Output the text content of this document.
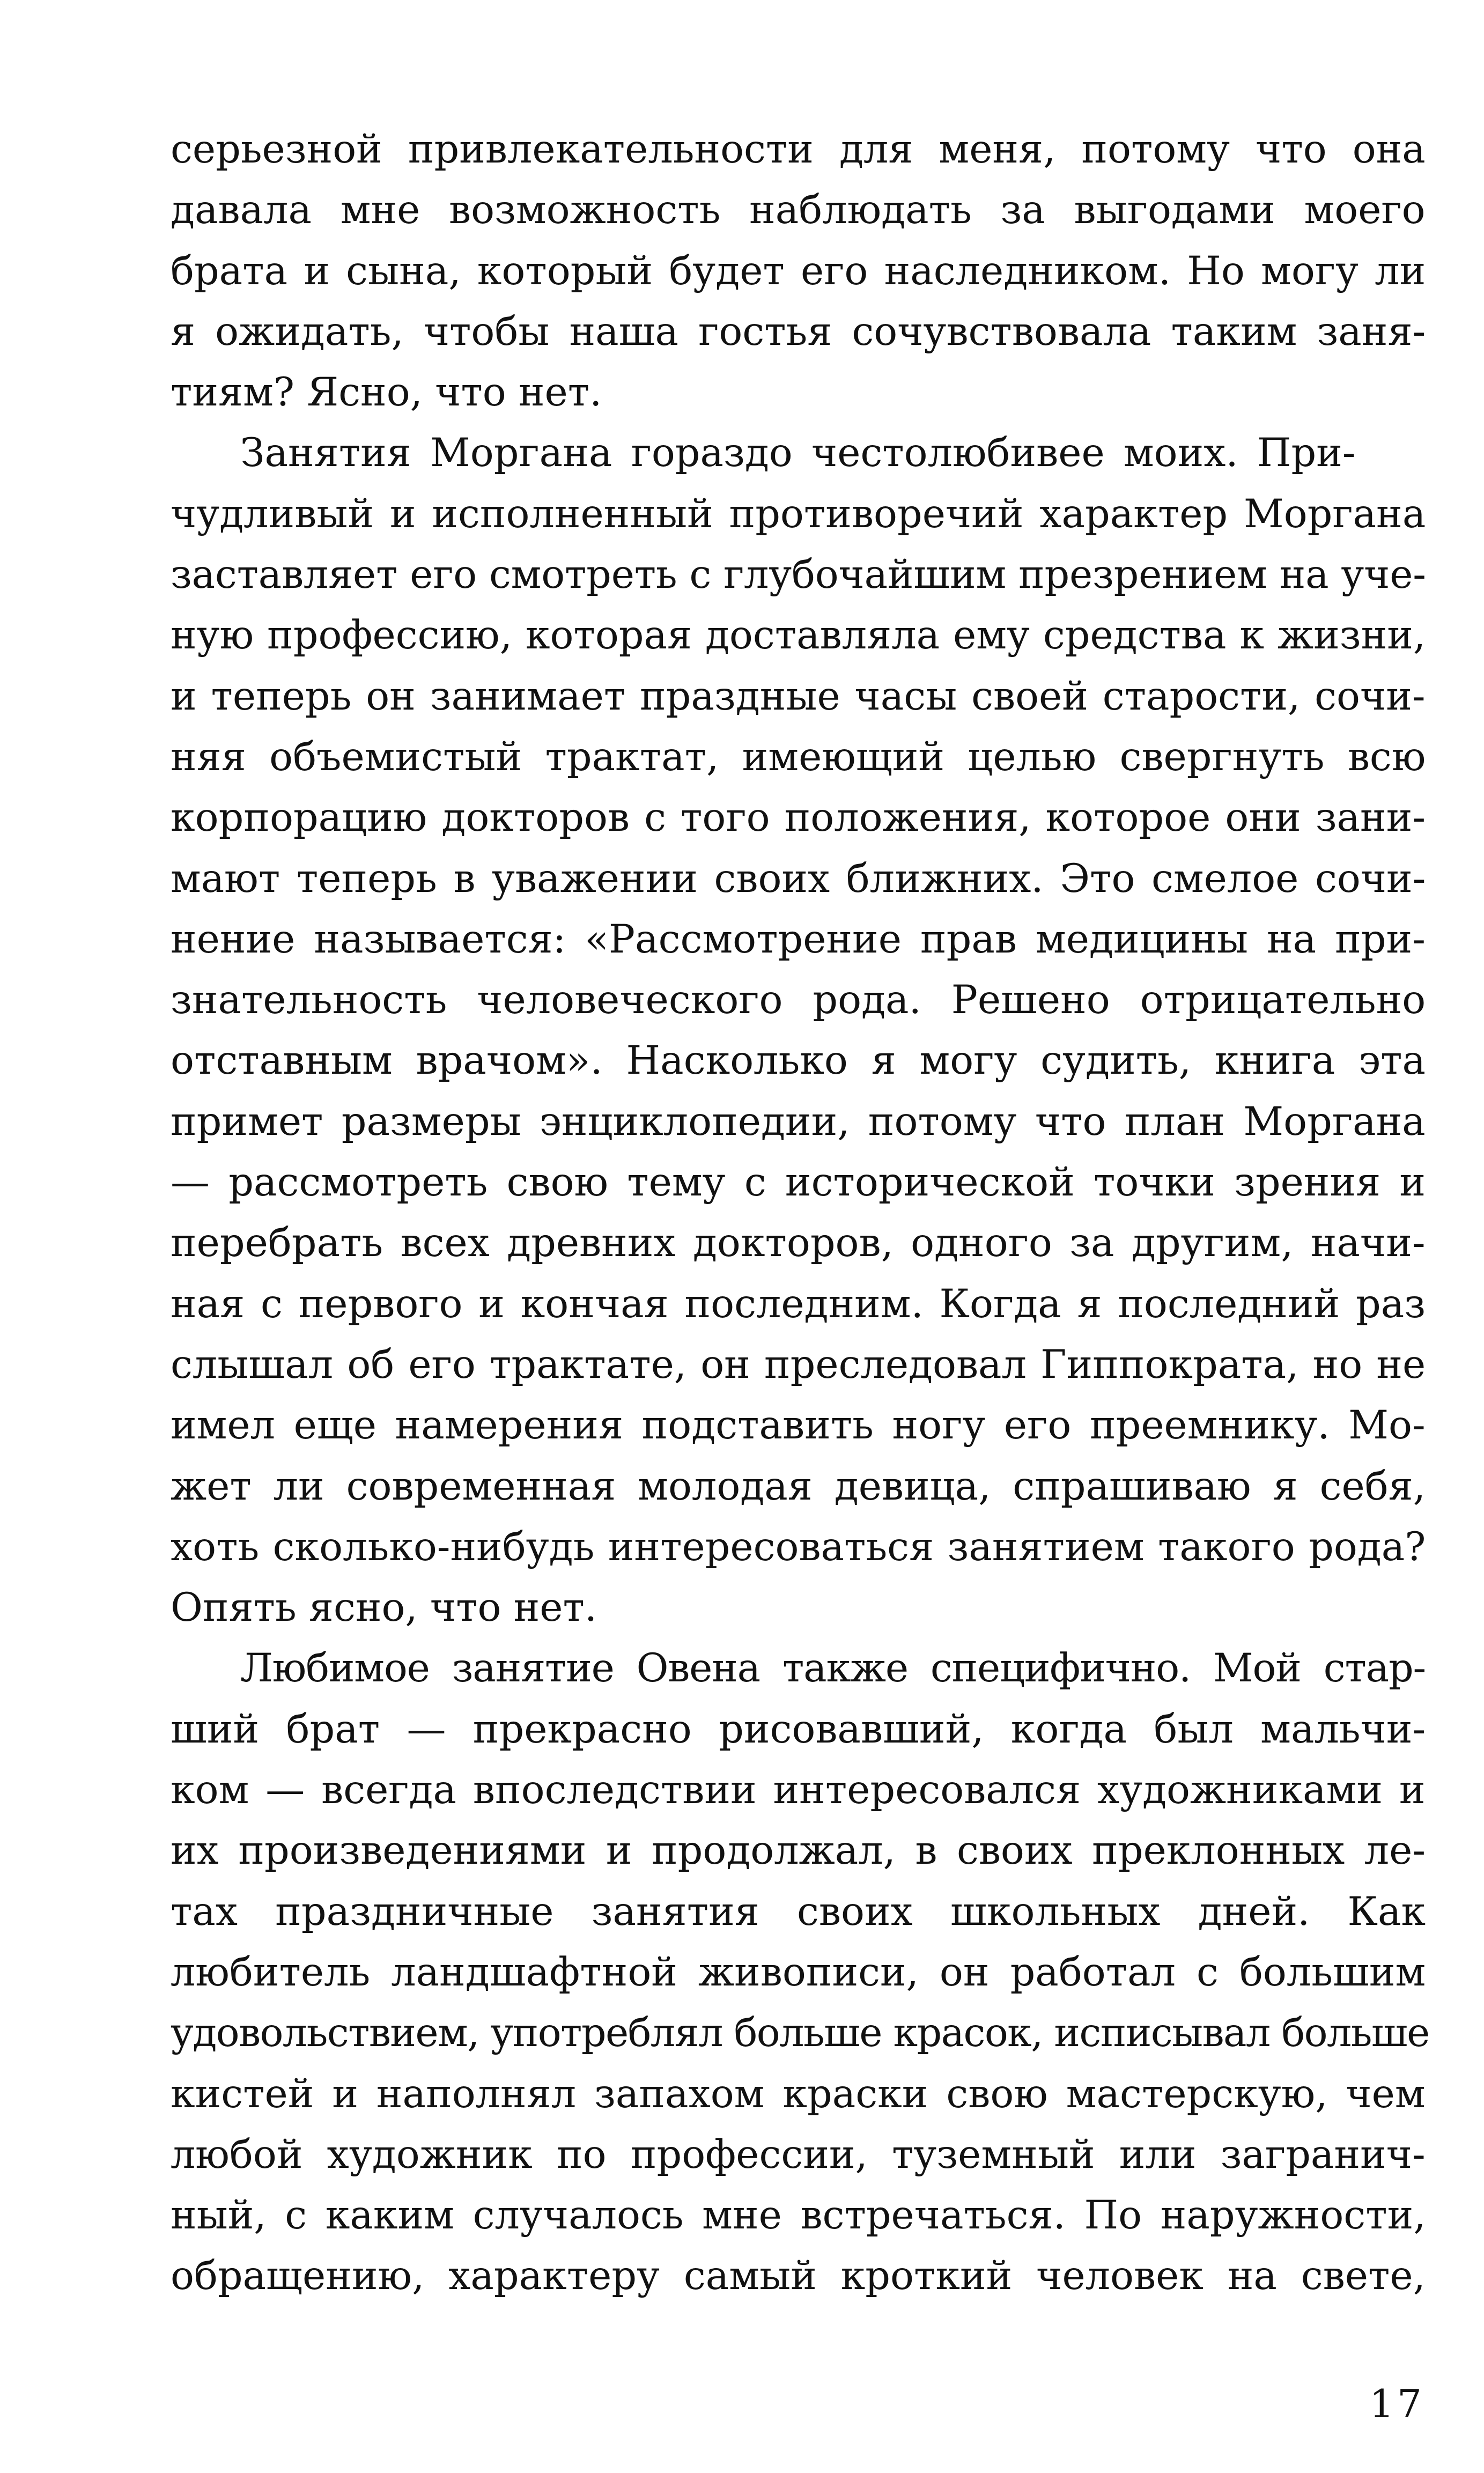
серьезной привлекательности для меня, потому что она
давала мне возможность наблюдать за выгодами моего
брата и сына, который будет его наследником. Но могу ли
я ожидать, чтобы наша гостья сочувствовала таким заня-
тиям? Ясно, что нет.
Занятия Моргана гораздо честолюбивее моих. При-
чудливый и исполненный противоречий характер Моргана
заставляет его смотреть с глубочайшим презрением на уче-
ную профессию, которая доставляла ему средства к жизни,
и теперь он занимает праздные часы своей старости, сочи-
няя объемистый трактат, имеющий целью свергнуть всю
корпорацию докторов с того положения, которое они зани-
мают теперь в уважении своих ближних. Это смелое сочи-
нение называется: «Рассмотрение прав медицины на при-
знательность человеческого рода. Решено отрицательно
отставным врачом». Насколько я могу судить, книга эта
примет размеры энциклопедии, потому что план Моргана
— рассмотреть свою тему с исторической точки зрения и
перебрать всех древних докторов, одного за другим, начи-
ная с первого и кончая последним. Когда я последний раз
слышал об его трактате, он преследовал Гиппократа, но не
имел еще намерения подставить ногу его преемнику. Мо-
жет ли современная молодая девица, спрашиваю я себя,
хоть сколько-нибудь интересоваться занятием такого рода?
Опять ясно, что нет.
Любимое занятие Овена также специфично. Мой стар-
ший брат — прекрасно рисовавший, когда был мальчи-
ком — всегда впоследствии интересовался художниками и
их произведениями и продолжал, в своих преклонных ле-
тах праздничные занятия своих школьных дней. Как
любитель ландшафтной живописи, он работал с большим
удовольствием, употреблял больше красок, исписывал больше
кистей и наполнял запахом краски свою мастерскую, чем
любой художник по профессии, туземный или загранич-
ный, с каким случалось мне встречаться. По наружности,
обращению, характеру самый кроткий человек на свете,
17
